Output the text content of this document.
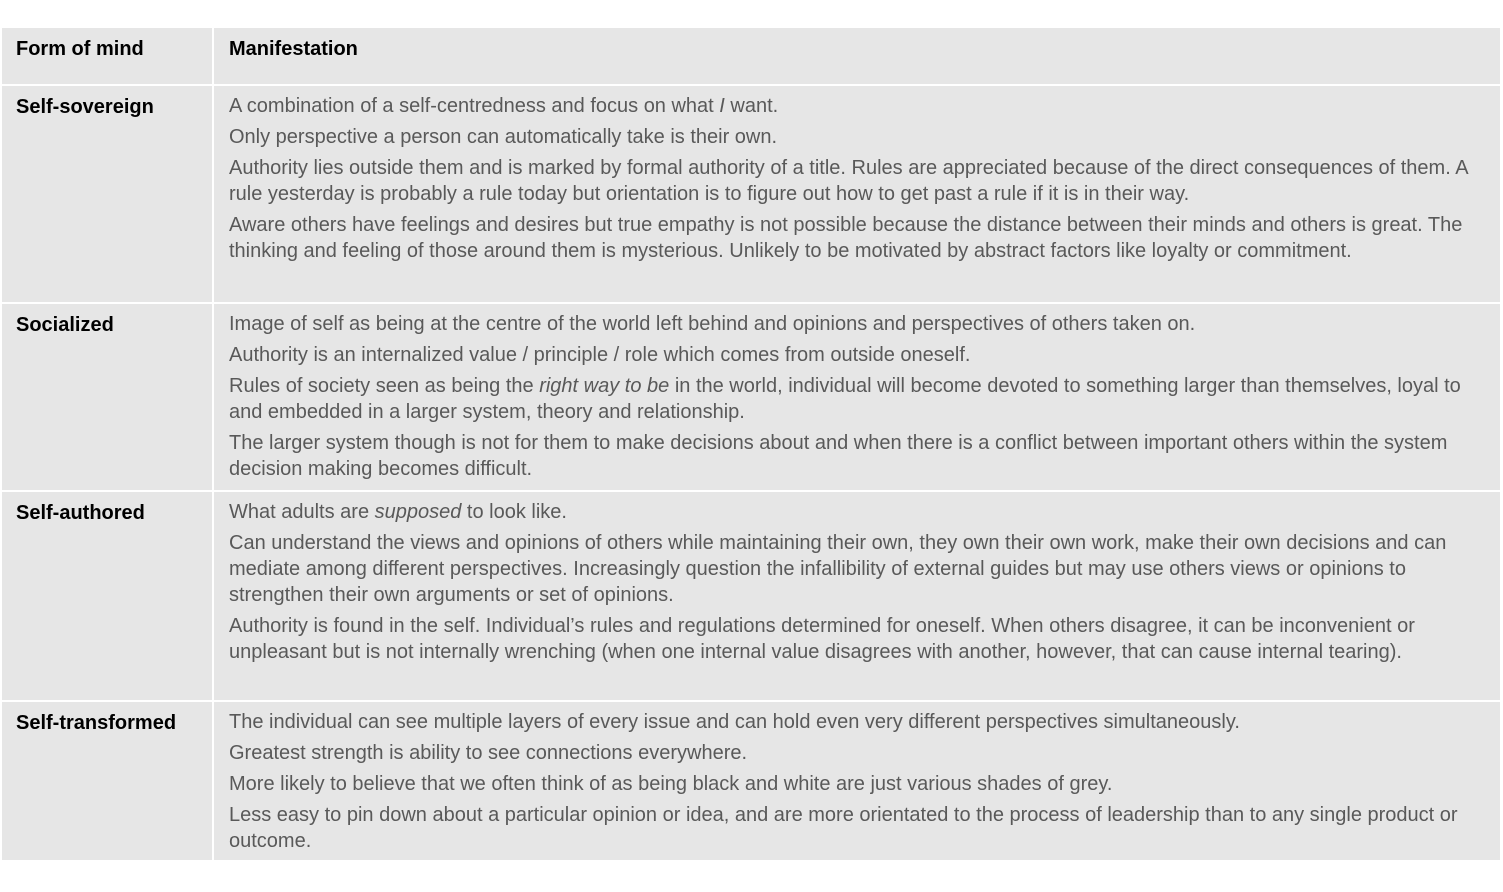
Form of mind	Manifestation
Self-sovereign	A combination of a self-centredness and focus on what I want.
Only perspective a person can automatically take is their own.
Authority lies outside them and is marked by formal authority of a title. Rules are appreciated because of the direct consequences of them. A rule yesterday is probably a rule today but orientation is to figure out how to get past a rule if it is in their way.
Aware others have feelings and desires but true empathy is not possible because the distance between their minds and others is great. The thinking and feeling of those around them is mysterious. Unlikely to be motivated by abstract factors like loyalty or commitment.
Socialized	Image of self as being at the centre of the world left behind and opinions and perspectives of others taken on.
Authority is an internalized value / principle / role which comes from outside oneself.
Rules of society seen as being the right way to be in the world, individual will become devoted to something larger than themselves, loyal to and embedded in a larger system, theory and relationship.
The larger system though is not for them to make decisions about and when there is a conflict between important others within the system decision making becomes difficult.
Self-authored	What adults are supposed to look like.
Can understand the views and opinions of others while maintaining their own, they own their own work, make their own decisions and can mediate among different perspectives. Increasingly question the infallibility of external guides but may use others views or opinions to strengthen their own arguments or set of opinions.
Authority is found in the self. Individual’s rules and regulations determined for oneself. When others disagree, it can be inconvenient or unpleasant but is not internally wrenching (when one internal value disagrees with another, however, that can cause internal tearing).
Self-transformed	The individual can see multiple layers of every issue and can hold even very different perspectives simultaneously.
Greatest strength is ability to see connections everywhere.
More likely to believe that we often think of as being black and white are just various shades of grey.
Less easy to pin down about a particular opinion or idea, and are more orientated to the process of leadership than to any single product or outcome.
